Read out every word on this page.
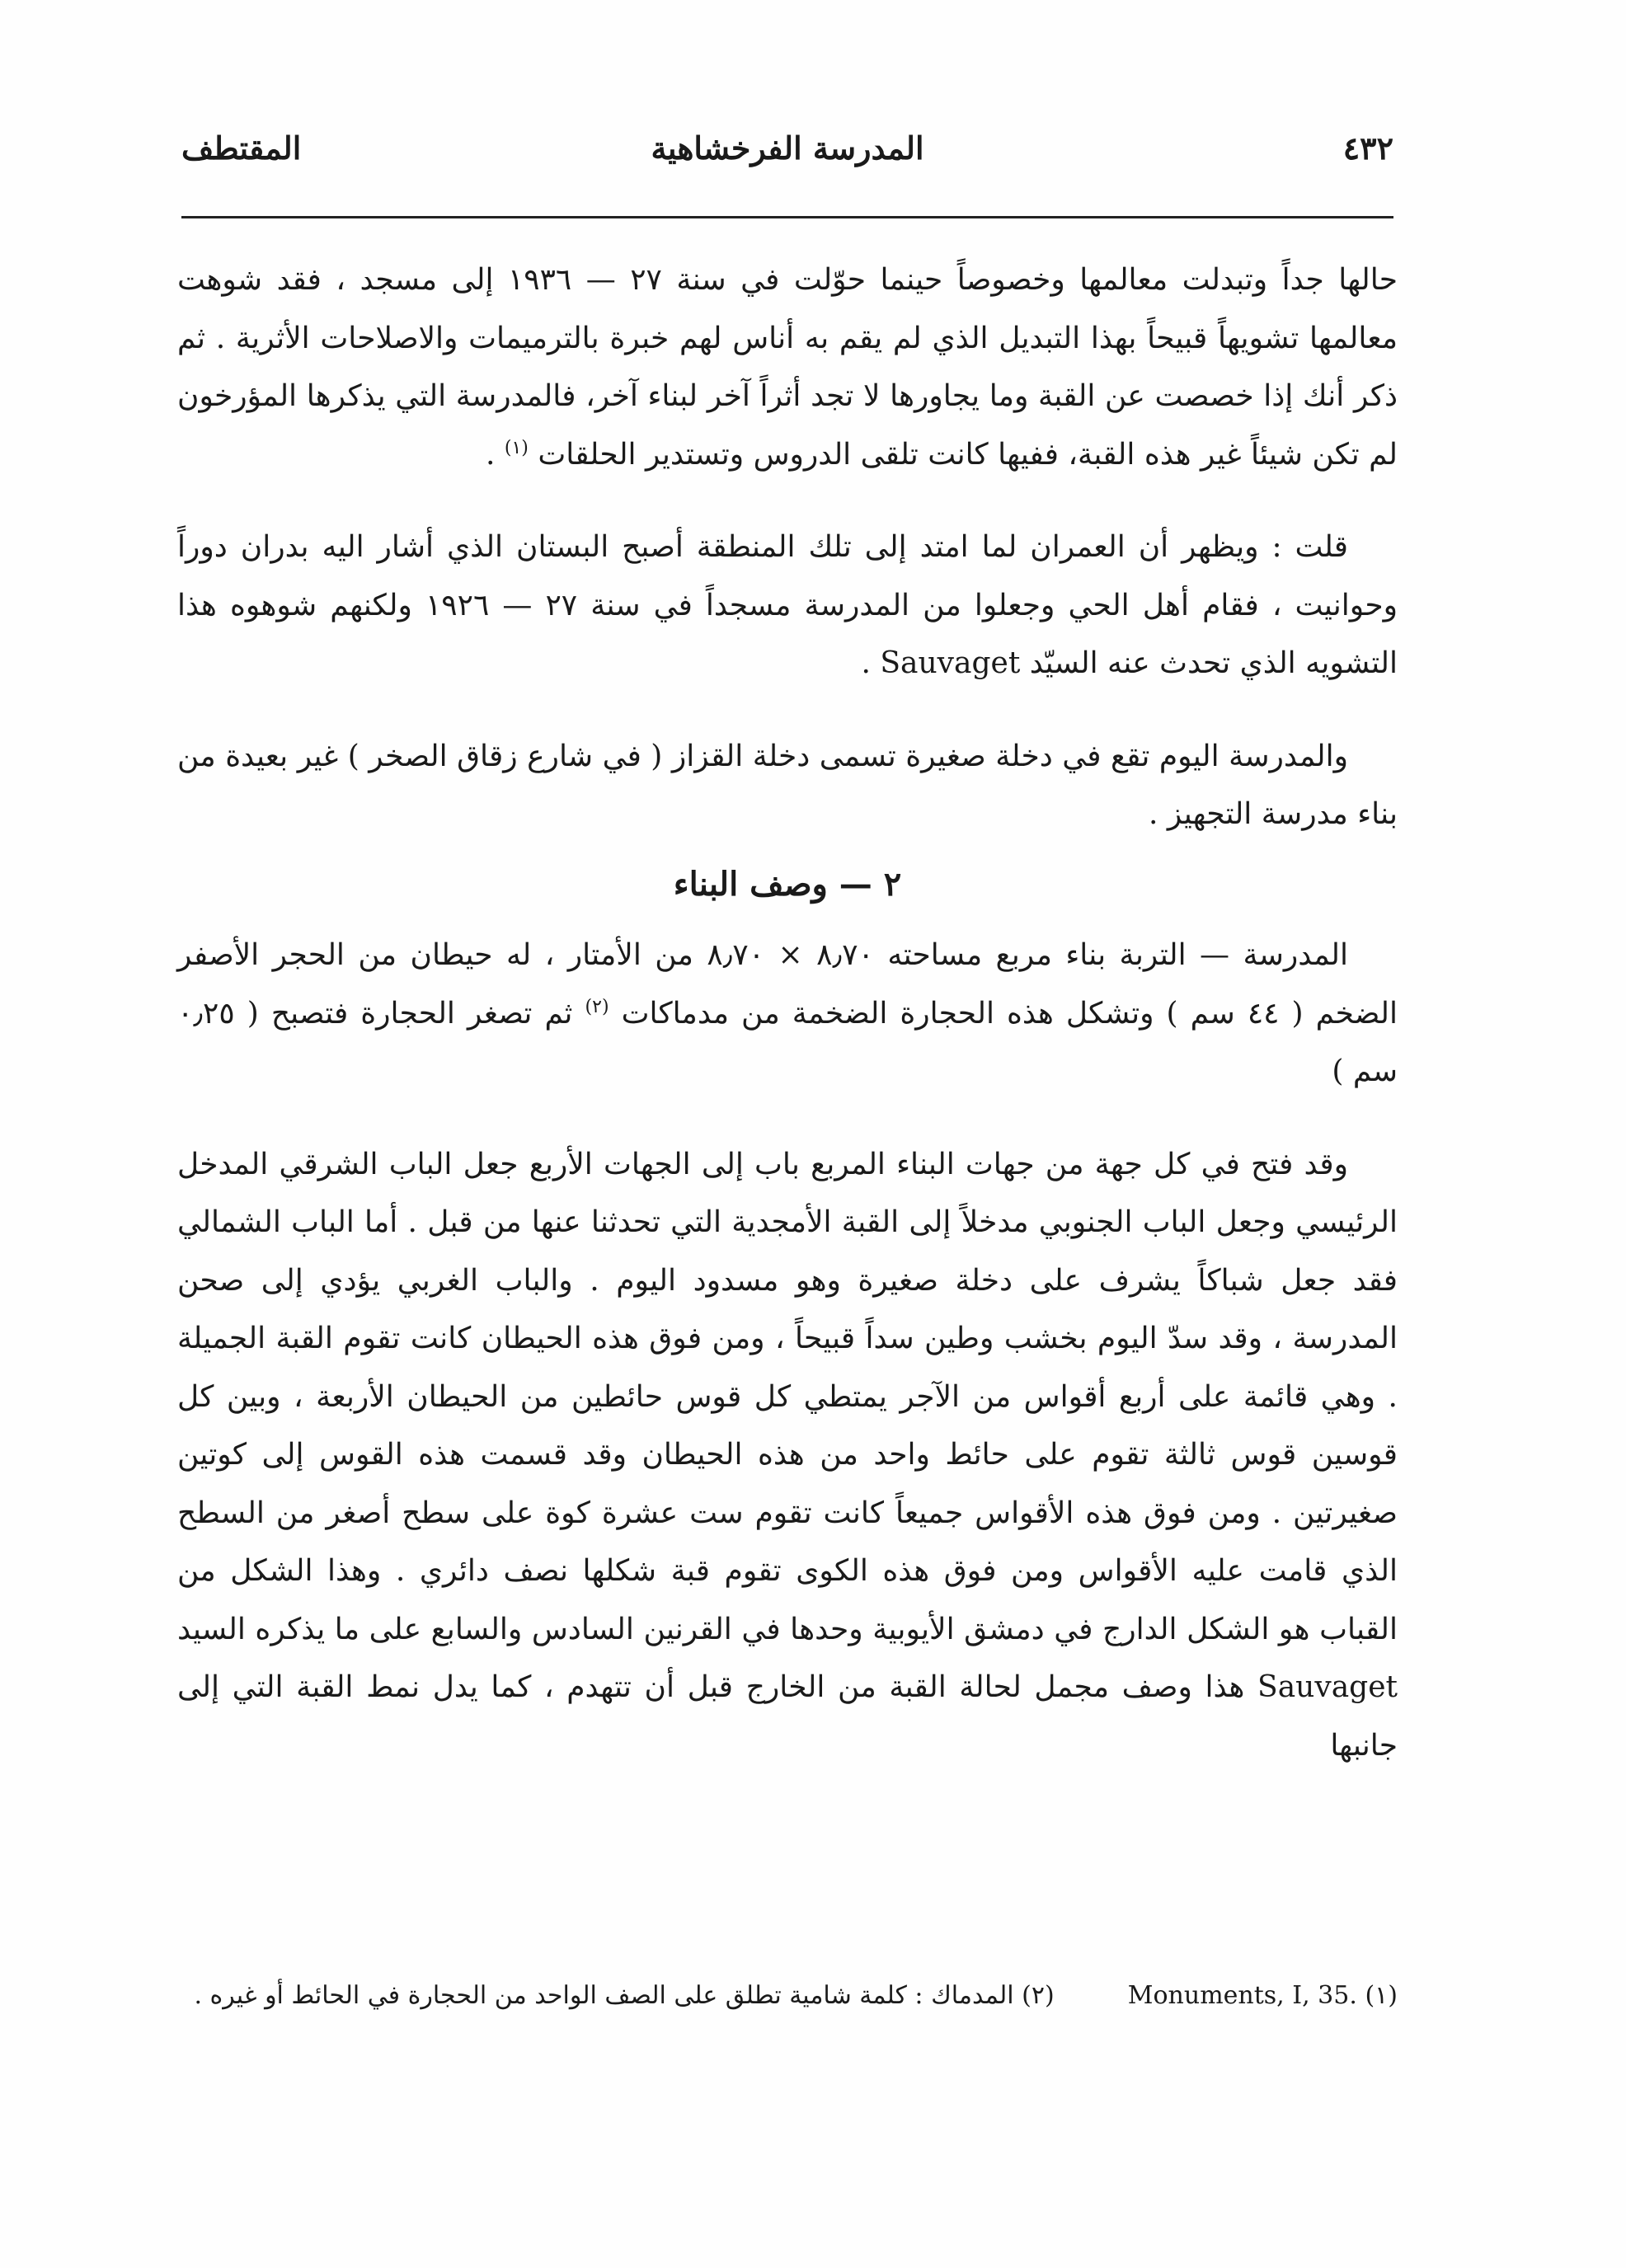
٤٣٢
المدرسة الفرخشاهية
المقتطف

حالها جداً وتبدلت معالمها وخصوصاً حينما حوّلت في سنة ٢٧ — ١٩٣٦ إلى مسجد ، فقد شوهت معالمها تشويهاً قبيحاً بهذا التبديل الذي لم يقم به أناس لهم خبرة بالترميمات والاصلاحات الأثرية . ثم ذكر أنك إذا خصصت عن القبة وما يجاورها لا تجد أثراً آخر لبناء آخر، فالمدرسة التي يذكرها المؤرخون لم تكن شيئاً غير هذه القبة، ففيها كانت تلقى الدروس وتستدير الحلقات $^{(١)}$ .

قلت : ويظهر أن العمران لما امتد إلى تلك المنطقة أصبح البستان الذي أشار اليه بدران دوراً وحوانيت ، فقام أهل الحي وجعلوا من المدرسة مسجداً في سنة ٢٧ — ١٩٢٦ ولكنهم شوهوه هذا التشويه الذي تحدث عنه السيّد Sauvaget .

والمدرسة اليوم تقع في دخلة صغيرة تسمى دخلة القزاز ( في شارع زقاق الصخر ) غير بعيدة من بناء مدرسة التجهيز .

٢ — وصف البناء

المدرسة — التربة بناء مربع مساحته ٨٫٧٠ × ٨٫٧٠ من الأمتار ، له حيطان من الحجر الأصفر الضخم ( ٤٤ سم ) وتشكل هذه الحجارة الضخمة من مدماكات $^{(٢)}$ ثم تصغر الحجارة فتصبح ( ٠٫٢٥ سم )

وقد فتح في كل جهة من جهات البناء المربع باب إلى الجهات الأربع جعل الباب الشرقي المدخل الرئيسي وجعل الباب الجنوبي مدخلاً إلى القبة الأمجدية التي تحدثنا عنها من قبل . أما الباب الشمالي فقد جعل شباكاً يشرف على دخلة صغيرة وهو مسدود اليوم . والباب الغربي يؤدي إلى صحن المدرسة ، وقد سدّ اليوم بخشب وطين سداً قبيحاً ، ومن فوق هذه الحيطان كانت تقوم القبة الجميلة . وهي قائمة على أربع أقواس من الآجر يمتطي كل قوس حائطين من الحيطان الأربعة ، وبين كل قوسين قوس ثالثة تقوم على حائط واحد من هذه الحيطان وقد قسمت هذه القوس إلى كوتين صغيرتين . ومن فوق هذه الأقواس جميعاً كانت تقوم ست عشرة كوة على سطح أصغر من السطح الذي قامت عليه الأقواس ومن فوق هذه الكوى تقوم قبة شكلها نصف دائري . وهذا الشكل من القباب هو الشكل الدارج في دمشق الأيوبية وحدها في القرنين السادس والسابع على ما يذكره السيد Sauvaget هذا وصف مجمل لحالة القبة من الخارج قبل أن تتهدم ، كما يدل نمط القبة التي إلى جانبها

(١) Monuments, I, 35.  (٢) المدماك : كلمة شامية تطلق على الصف الواحد من الحجارة في الحائط أو غيره .
